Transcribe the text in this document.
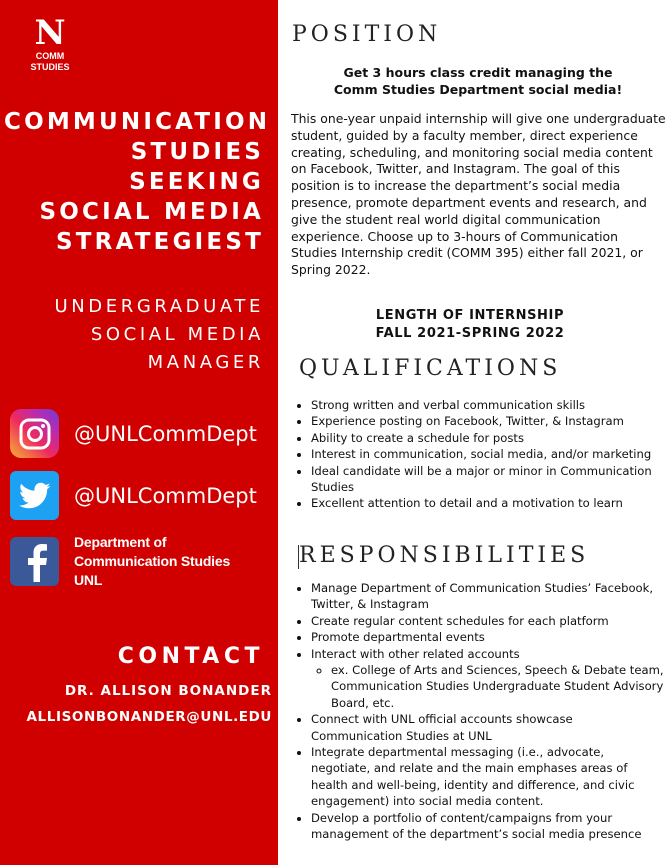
N
COMM
STUDIES
COMMUNICATION
STUDIES SEEKING
SOCIAL MEDIA
STRATEGIEST
UNDERGRADUATE
SOCIAL MEDIA
MANAGER
@UNLCommDept
@UNLCommDept
Department of
Communication Studies
UNL
CONTACT
DR. ALLISON BONANDER
ALLISONBONANDER@UNL.EDU
POSITION
Get 3 hours class credit managing the
Comm Studies Department social media!
This one-year unpaid internship will give one undergraduate student, guided by a faculty member, direct experience creating, scheduling, and monitoring social media content on Facebook, Twitter, and Instagram. The goal of this position is to increase the department’s social media presence, promote department events and research, and give the student real world digital communication experience. Choose up to 3-hours of Communication Studies Internship credit (COMM 395) either fall 2021, or Spring 2022.
LENGTH OF INTERNSHIP
FALL 2021-SPRING 2022
QUALIFICATIONS
• Strong written and verbal communication skills
• Experience posting on Facebook, Twitter, & Instagram
• Ability to create a schedule for posts
• Interest in communication, social media, and/or marketing
• Ideal candidate will be a major or minor in Communication Studies
• Excellent attention to detail and a motivation to learn
RESPONSIBILITIES
• Manage Department of Communication Studies’ Facebook, Twitter, & Instagram
• Create regular content schedules for each platform
• Promote departmental events
• Interact with other related accounts
◦ ex. College of Arts and Sciences, Speech & Debate team, Communication Studies Undergraduate Student Advisory Board, etc.
• Connect with UNL official accounts showcase Communication Studies at UNL
• Integrate departmental messaging (i.e., advocate, negotiate, and relate and the main emphases areas of health and well-being, identity and difference, and civic engagement) into social media content.
• Develop a portfolio of content/campaigns from your management of the department’s social media presence
